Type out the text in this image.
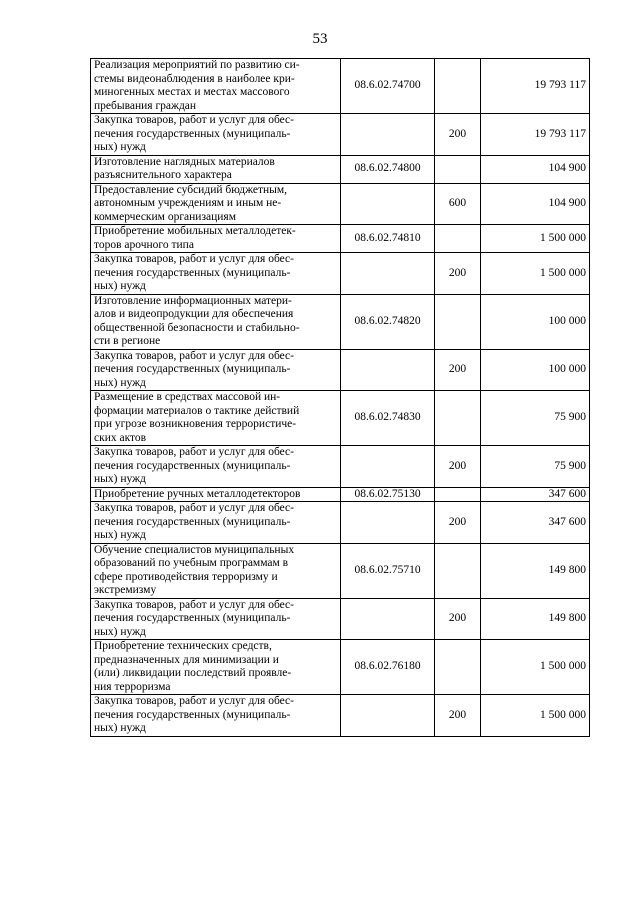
53
Реализация мероприятий по развитию си-
стемы видеонаблюдения в наиболее кри-
миногенных местах и местах массового
пребывания граждан	08.6.02.74700		19 793 117

Закупка товаров, работ и услуг для обес-
печения государственных (муниципаль-
ных) нужд		200	19 793 117

Изготовление наглядных материалов
разъяснительного характера	08.6.02.74800		104 900

Предоставление субсидий бюджетным,
автономным учреждениям и иным не-
коммерческим организациям		600	104 900

Приобретение мобильных металлодетек-
торов арочного типа	08.6.02.74810		1 500 000

Закупка товаров, работ и услуг для обес-
печения государственных (муниципаль-
ных) нужд		200	1 500 000

Изготовление информационных матери-
алов и видеопродукции для обеспечения
общественной безопасности и стабильно-
сти в регионе	08.6.02.74820		100 000

Закупка товаров, работ и услуг для обес-
печения государственных (муниципаль-
ных) нужд		200	100 000

Размещение в средствах массовой ин-
формации материалов о тактике действий
при угрозе возникновения террористиче-
ских актов	08.6.02.74830		75 900

Закупка товаров, работ и услуг для обес-
печения государственных (муниципаль-
ных) нужд		200	75 900

Приобретение ручных металлодетекторов	08.6.02.75130		347 600

Закупка товаров, работ и услуг для обес-
печения государственных (муниципаль-
ных) нужд		200	347 600

Обучение специалистов муниципальных
образований по учебным программам в
сфере противодействия терроризму и
экстремизму	08.6.02.75710		149 800

Закупка товаров, работ и услуг для обес-
печения государственных (муниципаль-
ных) нужд		200	149 800

Приобретение технических средств,
предназначенных для минимизации и
(или) ликвидации последствий проявле-
ния терроризма	08.6.02.76180		1 500 000

Закупка товаров, работ и услуг для обес-
печения государственных (муниципаль-
ных) нужд		200	1 500 000
